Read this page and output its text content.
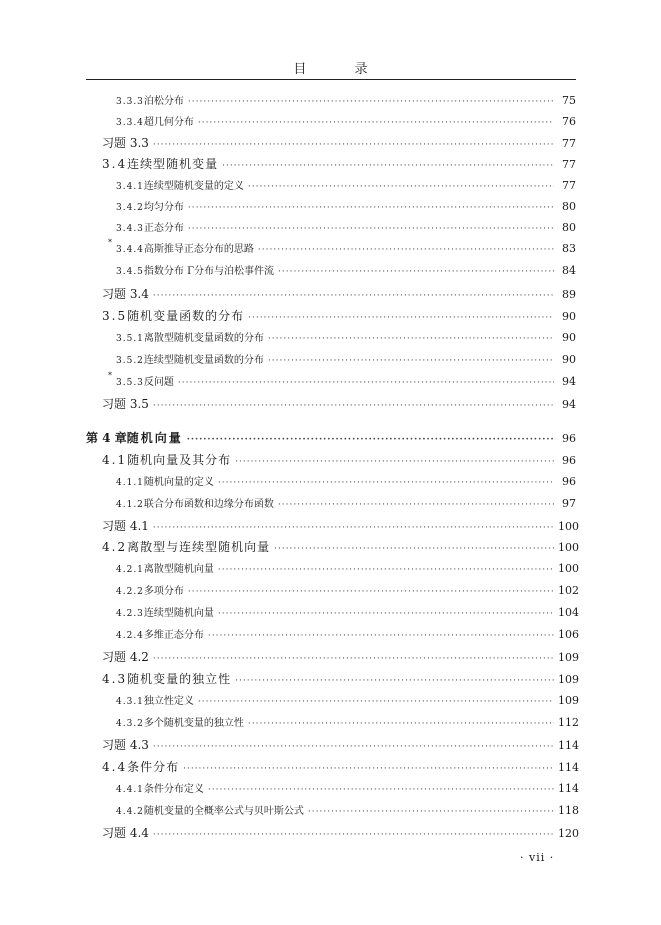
目 录
3.3.3 泊松分布 ·····	75
3.3.4 超几何分布 ·····	76
习题 3.3 ·····	77
3.4 连续型随机变量 ·····	77
3.4.1 连续型随机变量的定义 ·····	77
3.4.2 均匀分布 ·····	80
3.4.3 正态分布 ·····	80
*
3.4.4 高斯推导正态分布的思路 ·····	83
3.4.5 指数分布 Γ分布与泊松事件流 ·····	84
习题 3.4 ·····	89
3.5 随机变量函数的分布 ·····	90
3.5.1 离散型随机变量函数的分布 ·····	90
3.5.2 连续型随机变量函数的分布 ·····	90
*
3.5.3 反问题 ·····	94
习题 3.5 ·····	94
第 4 章 随机向量 ·····	96
4.1 随机向量及其分布 ·····	96
4.1.1 随机向量的定义 ·····	96
4.1.2 联合分布函数和边缘分布函数 ·····	97
习题 4.1 ·····	100
4.2 离散型与连续型随机向量 ·····	100
4.2.1 离散型随机向量 ·····	100
4.2.2 多项分布 ·····	102
4.2.3 连续型随机向量 ·····	104
4.2.4 多维正态分布 ·····	106
习题 4.2 ·····	109
4.3 随机变量的独立性 ·····	109
4.3.1 独立性定义 ·····	109
4.3.2 多个随机变量的独立性 ·····	112
习题 4.3 ·····	114
4.4 条件分布 ·····	114
4.4.1 条件分布定义 ·····	114
4.4.2 随机变量的全概率公式与贝叶斯公式 ·····	118
习题 4.4 ·····	120
· vii ·
